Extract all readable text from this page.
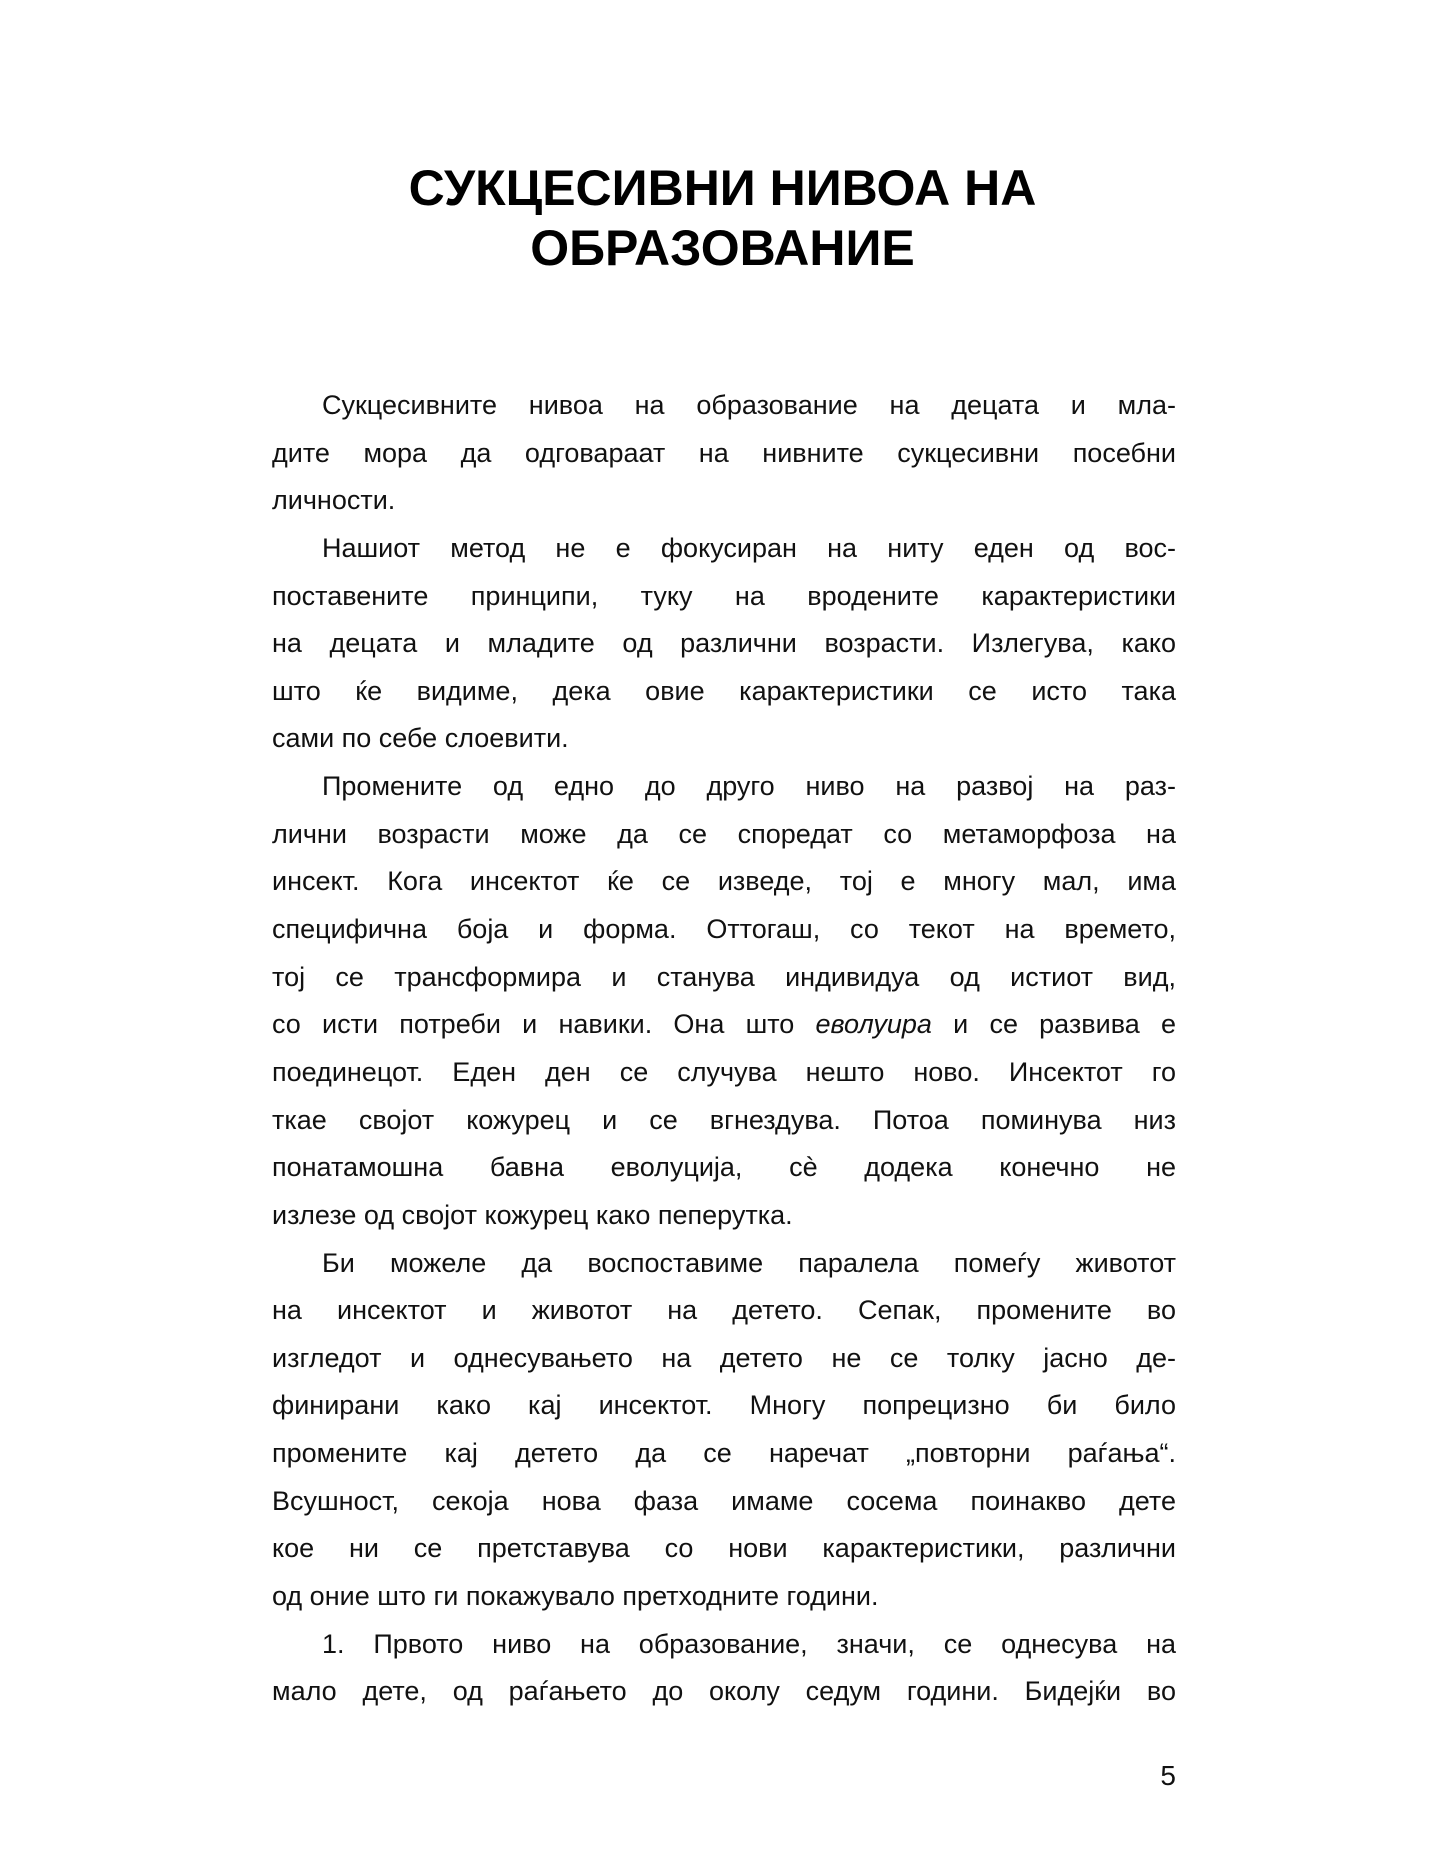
СУКЦЕСИВНИ НИВОА НА
ОБРАЗОВАНИЕ
Сукцесивните нивоа на образование на децата и мла-
дите мора да одговараат на нивните сукцесивни посебни
личности.
Нашиот метод не е фокусиран на ниту еден од вос-
поставените принципи, туку на вродените карактеристики
на децата и младите од различни возрасти. Излегува, како
што ќе видиме, дека овие карактеристики се исто така
сами по себе слоевити.
Промените од едно до друго ниво на развој на раз-
лични возрасти може да се споредат со метаморфоза на
инсект. Кога инсектот ќе се изведе, тој е многу мал, има
специфична боја и форма. Оттогаш, со текот на времето,
тој се трансформира и станува индивидуа од истиот вид,
со исти потреби и навики. Она што еволуира и се развива е
поединецот. Еден ден се случува нешто ново. Инсектот го
ткае својот кожурец и се вгнездува. Потоа поминува низ
понатамошна бавна еволуција, сè додека конечно не
излезе од својот кожурец како пеперутка.
Би можеле да воспоставиме паралела помеѓу животот
на инсектот и животот на детето. Сепак, промените во
изгледот и однесувањето на детето не се толку јасно де-
финирани како кај инсектот. Многу попрецизно би било
промените кај детето да се наречат „повторни раѓања“.
Всушност, секоја нова фаза имаме сосема поинакво дете
кое ни се претставува со нови карактеристики, различни
од оние што ги покажувало претходните години.
1. Првото ниво на образование, значи, се однесува на
мало дете, од раѓањето до околу седум години. Бидејќи во
5
